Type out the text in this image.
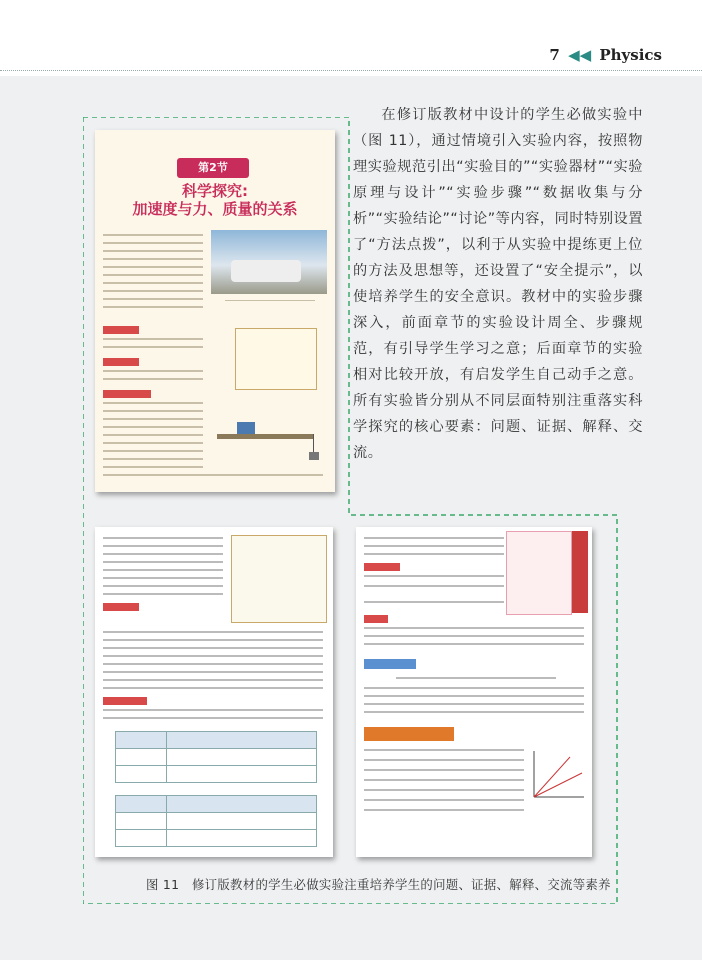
7 ◀◀ Physics
在修订版教材中设计的学生必做实验中（图 11），通过情境引入实验内容，按照物理实验规范引出“实验目的”“实验器材”“实验原理与设计”“实验步骤”“数据收集与分析”“实验结论”“讨论”等内容，同时特别设置了“方法点拨”，以利于从实验中提练更上位的方法及思想等，还设置了“安全提示”，以使培养学生的安全意识。教材中的实验步骤深入，前面章节的实验设计周全、步骤规范，有引导学生学习之意；后面章节的实验相对比较开放，有启发学生自己动手之意。所有实验皆分别从不同层面特别注重落实科学探究的核心要素：问题、证据、解释、交流。
第2节
科学探究:
加速度与力、质量的关系
图 11　修订版教材的学生必做实验注重培养学生的问题、证据、解释、交流等素养
